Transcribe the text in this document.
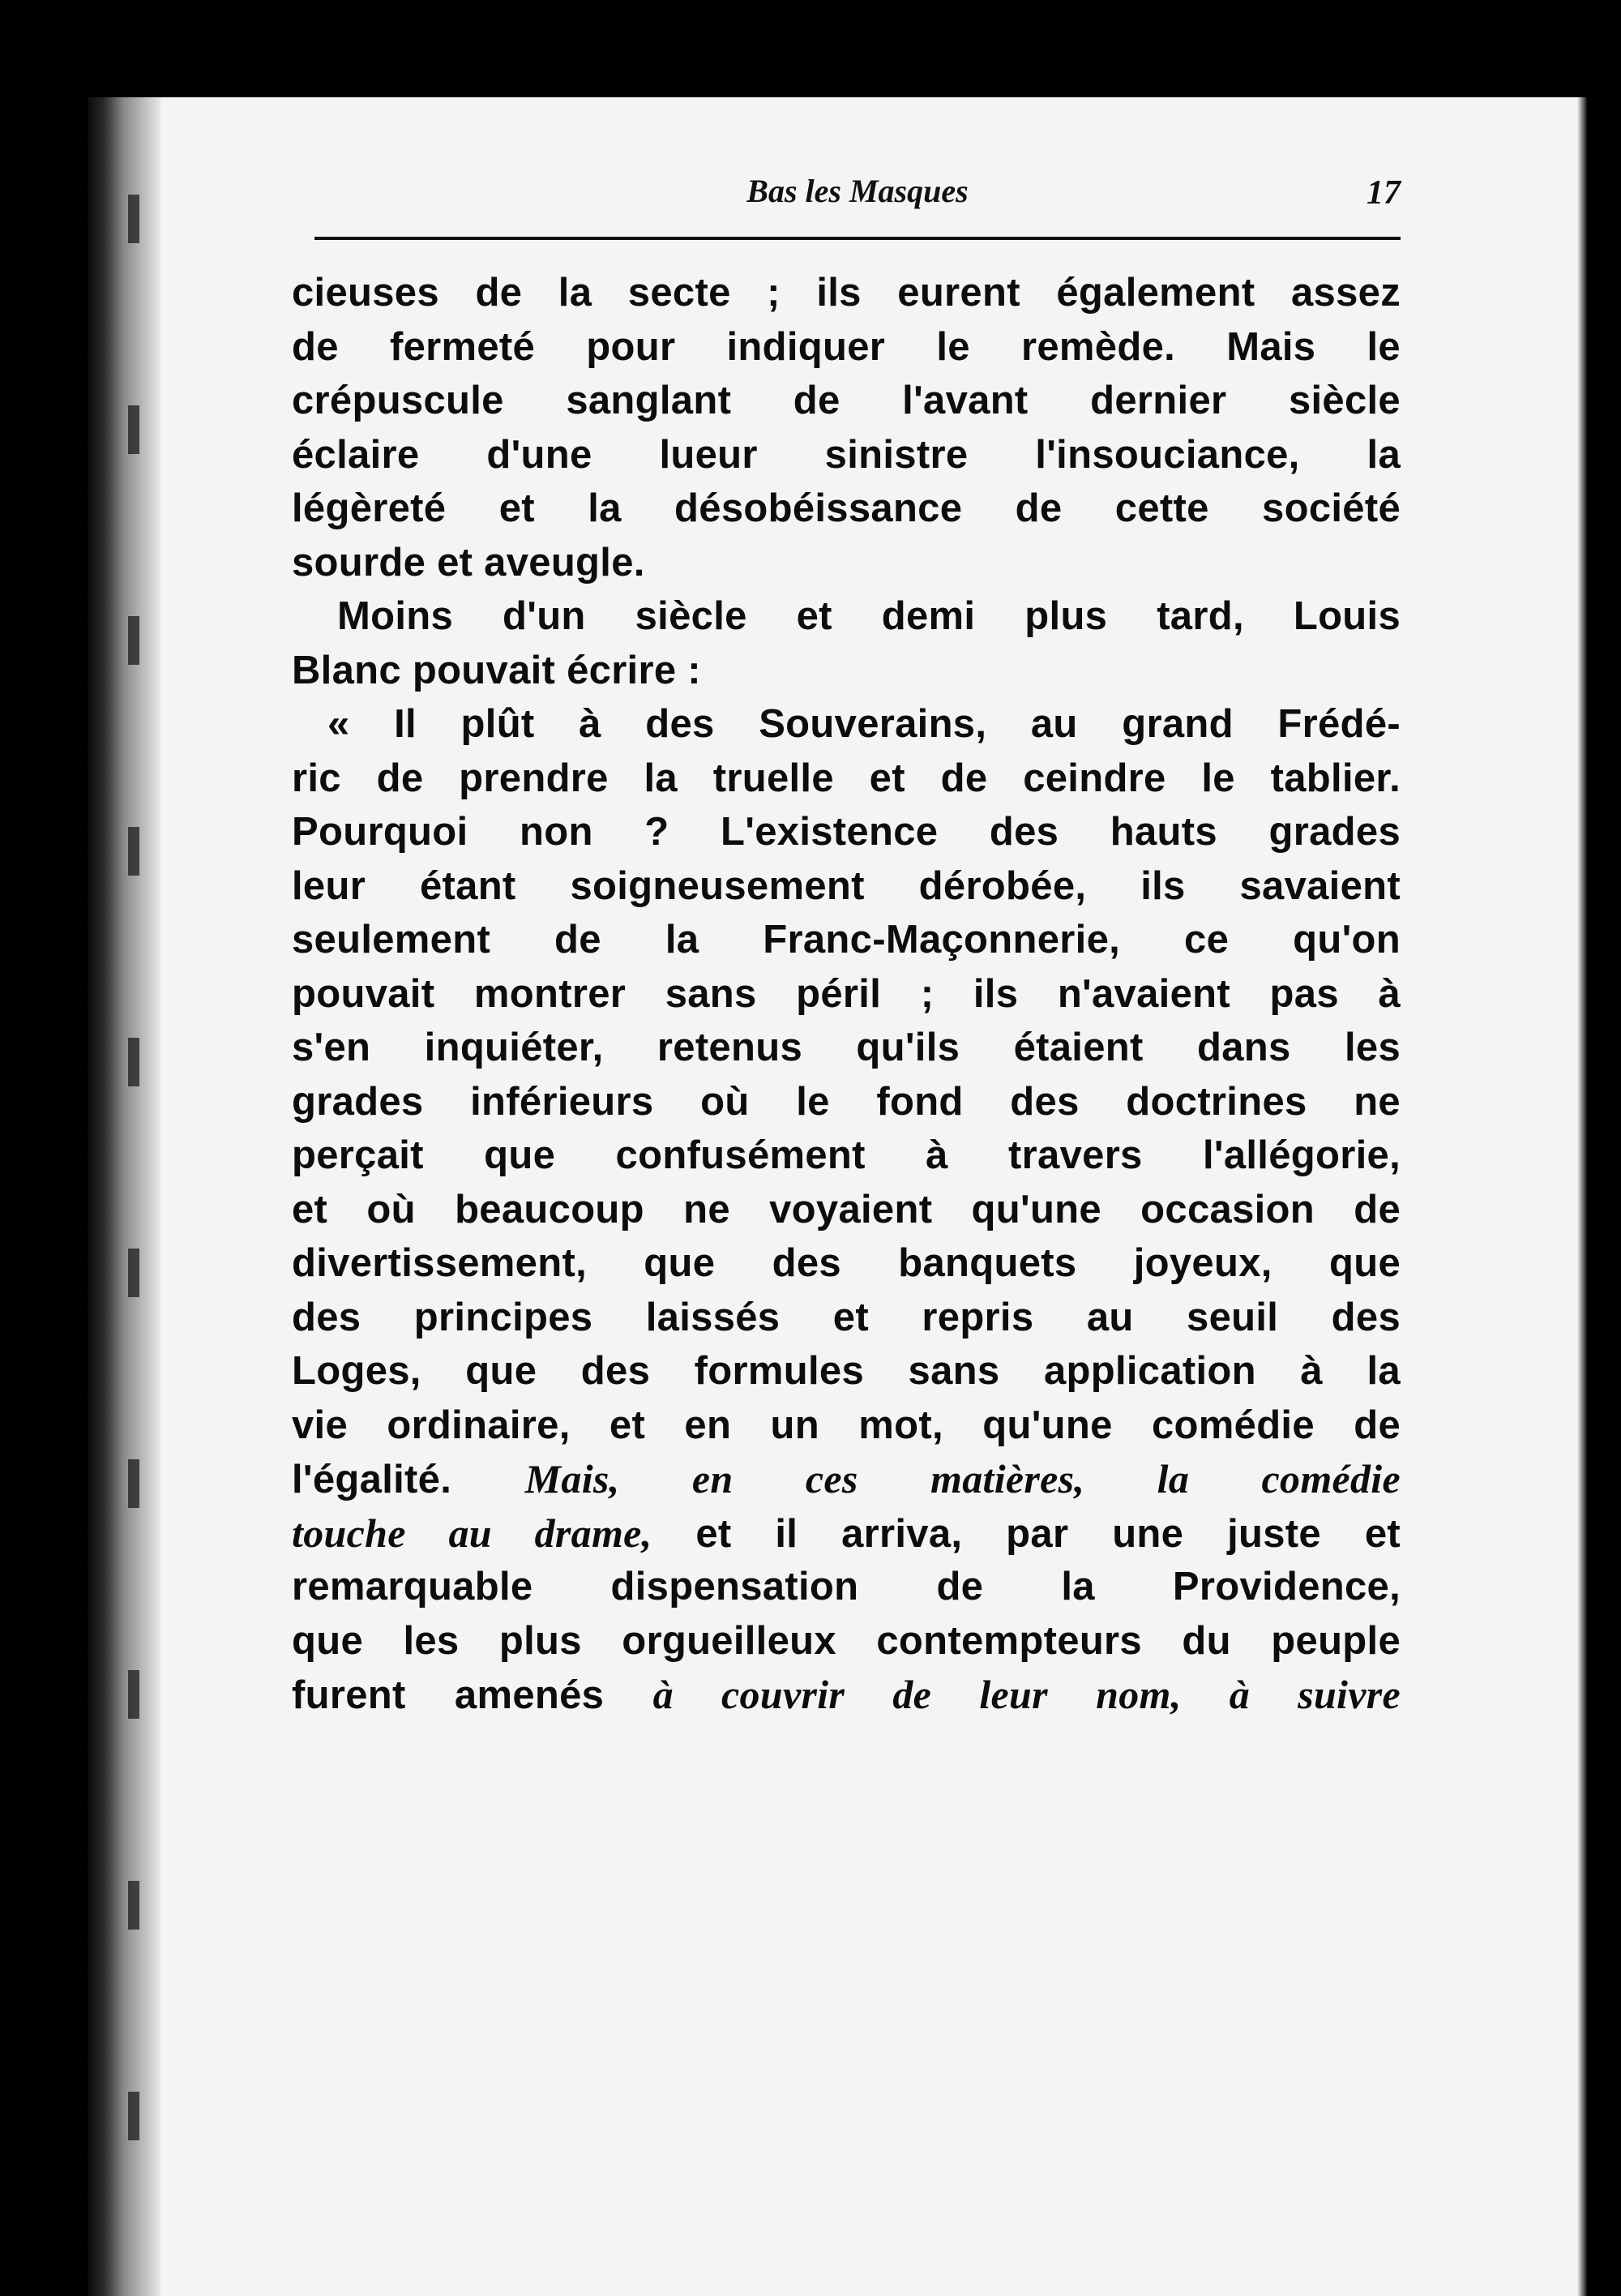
Bas les Masques	17
cieuses de la secte ; ils eurent également assez
de fermeté pour indiquer le remède. Mais le
crépuscule sanglant de l'avant dernier siècle
éclaire d'une lueur sinistre l'insouciance, la
légèreté et la désobéissance de cette société
sourde et aveugle.
Moins d'un siècle et demi plus tard, Louis
Blanc pouvait écrire :
« Il plût à des Souverains, au grand Frédé-
ric de prendre la truelle et de ceindre le tablier.
Pourquoi non ? L'existence des hauts grades
leur étant soigneusement dérobée, ils savaient
seulement de la Franc-Maçonnerie, ce qu'on
pouvait montrer sans péril ; ils n'avaient pas à
s'en inquiéter, retenus qu'ils étaient dans les
grades inférieurs où le fond des doctrines ne
perçait que confusément à travers l'allégorie,
et où beaucoup ne voyaient qu'une occasion de
divertissement, que des banquets joyeux, que
des principes laissés et repris au seuil des
Loges, que des formules sans application à la
vie ordinaire, et en un mot, qu'une comédie de
l'égalité. Mais, en ces matières, la comédie
touche au drame, et il arriva, par une juste et
remarquable dispensation de la Providence,
que les plus orgueilleux contempteurs du peuple
furent amenés à couvrir de leur nom, à suivre
